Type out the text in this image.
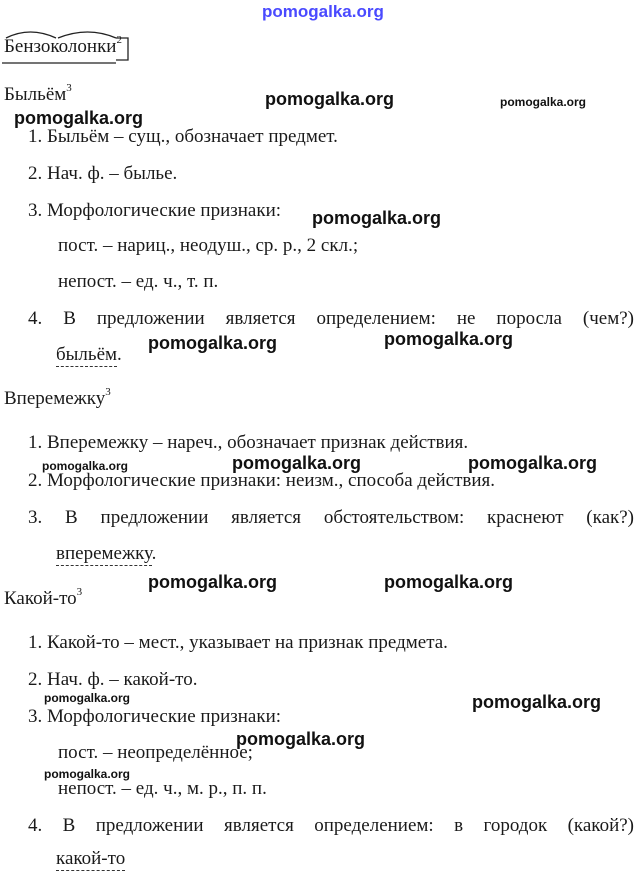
pomogalka.org
Бензоколонки$^2$
Быльём$^3$
1. Быльём – сущ., обозначает предмет.
2. Нач. ф. – былье.
3. Морфологические признаки:
пост. – нариц., неодуш., ср. р., 2 скл.;
непост. – ед. ч., т. п.
4. В предложении является определением: не поросла (чем?)
быльём.
Вперемежку$^3$
1. Вперемежку – нареч., обозначает признак действия.
2. Морфологические признаки: неизм., способа действия.
3. В предложении является обстоятельством: краснеют (как?)
вперемежку.
Какой-$то^3$
1. Какой-то – мест., указывает на признак предмета.
2. Нач. ф. – какой-то.
3. Морфологические признаки:
пост. – неопределённое;
непост. – ед. ч., м. р., п. п.
4. В предложении является определением: в городок (какой?)
какой-то
pomogalka.org	pomogalka.org
pomogalka.org
pomogalka.org
pomogalka.org	pomogalka.org
pomogalka.org	pomogalka.org	pomogalka.org
pomogalka.org	pomogalka.org
pomogalka.org	pomogalka.org
pomogalka.org
pomogalka.org
